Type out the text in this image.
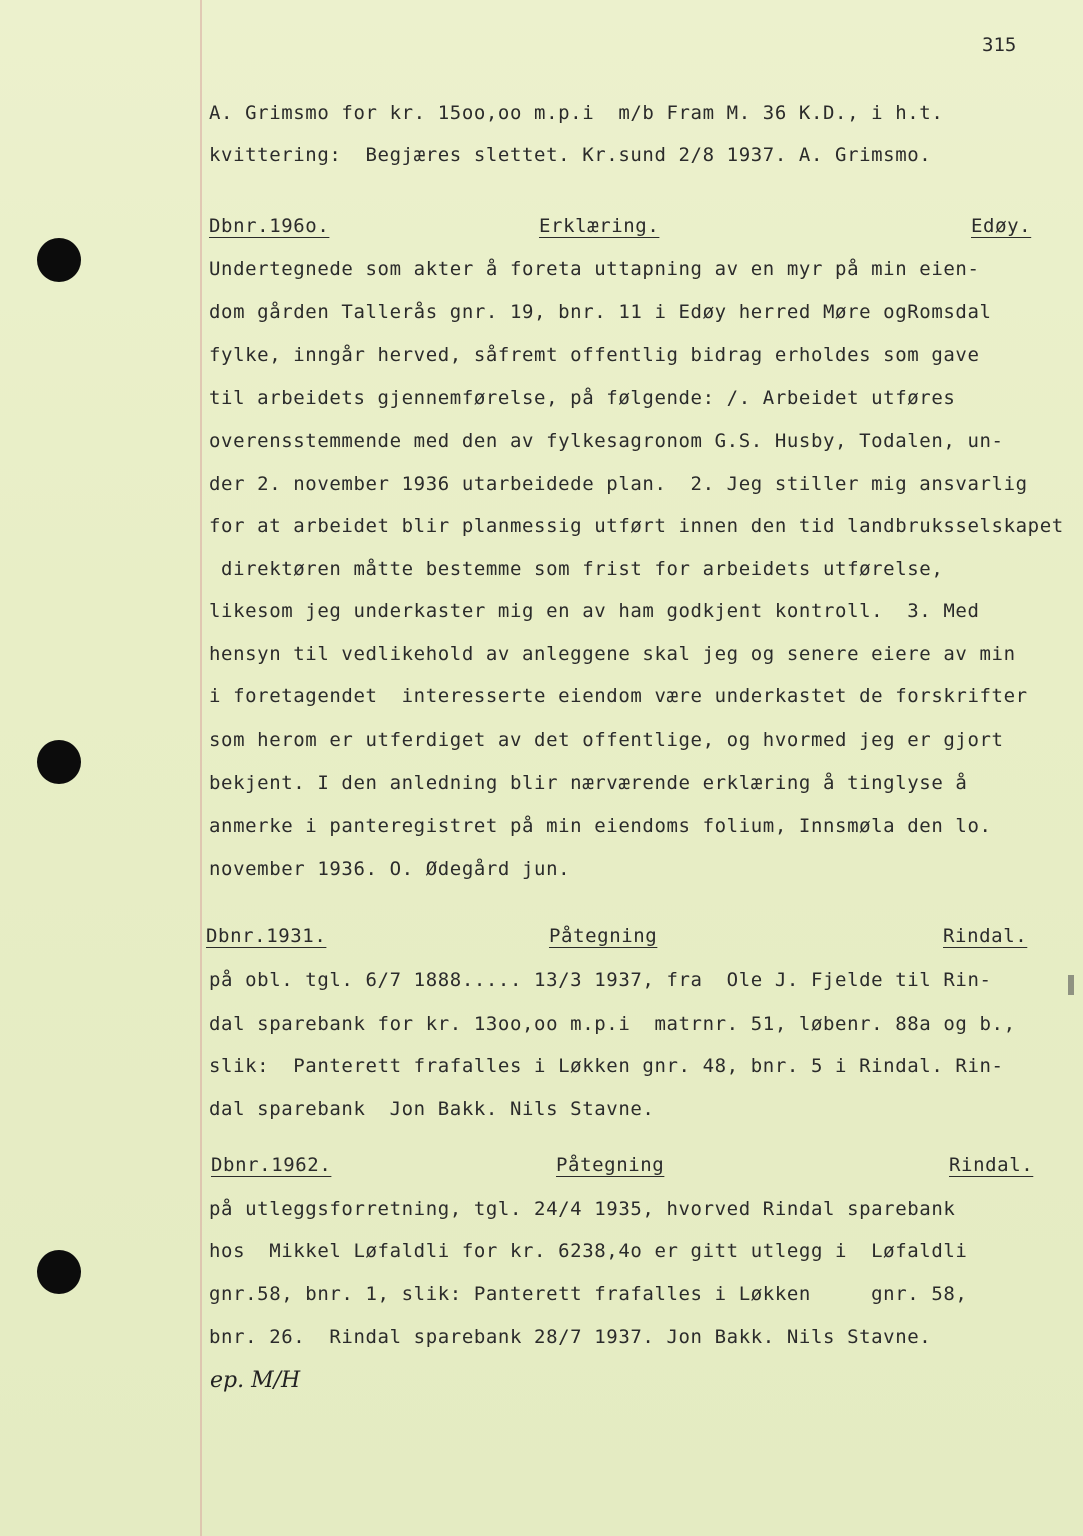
315
A. Grimsmo for kr. 15oo,oo m.p.i  m/b Fram M. 36 K.D., i h.t.
kvittering:  Begjæres slettet. Kr.sund 2/8 1937. A. Grimsmo.
Dbnr.196o.	Erklæring.	Edøy.
Undertegnede som akter å foreta uttapning av en myr på min eien-
dom gården Tallerås gnr. 19, bnr. 11 i Edøy herred Møre ogRomsdal
fylke, inngår herved, såfremt offentlig bidrag erholdes som gave
til arbeidets gjennemførelse, på følgende: /. Arbeidet utføres
overensstemmende med den av fylkesagronom G.S. Husby, Todalen, un-
der 2. november 1936 utarbeidede plan.  2. Jeg stiller mig ansvarlig
for at arbeidet blir planmessig utført innen den tid landbruksselskapet
direktøren måtte bestemme som frist for arbeidets utførelse,
likesom jeg underkaster mig en av ham godkjent kontroll.  3. Med
hensyn til vedlikehold av anleggene skal jeg og senere eiere av min
i foretagendet  interesserte eiendom være underkastet de forskrifter
som herom er utferdiget av det offentlige, og hvormed jeg er gjort
bekjent. I den anledning blir nærværende erklæring å tinglyse å
anmerke i panteregistret på min eiendoms folium, Innsmøla den lo.
november 1936. O. Ødegård jun.
Dbnr.1931.	Påtegning	Rindal.
på obl. tgl. 6/7 1888..... 13/3 1937, fra  Ole J. Fjelde til Rin-
dal sparebank for kr. 13oo,oo m.p.i  matrnr. 51, løbenr. 88a og b.,
slik:  Panterett frafalles i Løkken gnr. 48, bnr. 5 i Rindal. Rin-
dal sparebank  Jon Bakk. Nils Stavne.
Dbnr.1962.	Påtegning	Rindal.
på utleggsforretning, tgl. 24/4 1935, hvorved Rindal sparebank
hos  Mikkel Løfaldli for kr. 6238,4o er gitt utlegg i  Løfaldli
gnr.58, bnr. 1, slik: Panterett frafalles i Løkken     gnr. 58,
bnr. 26.  Rindal sparebank 28/7 1937. Jon Bakk. Nils Stavne.
ep. M/H
